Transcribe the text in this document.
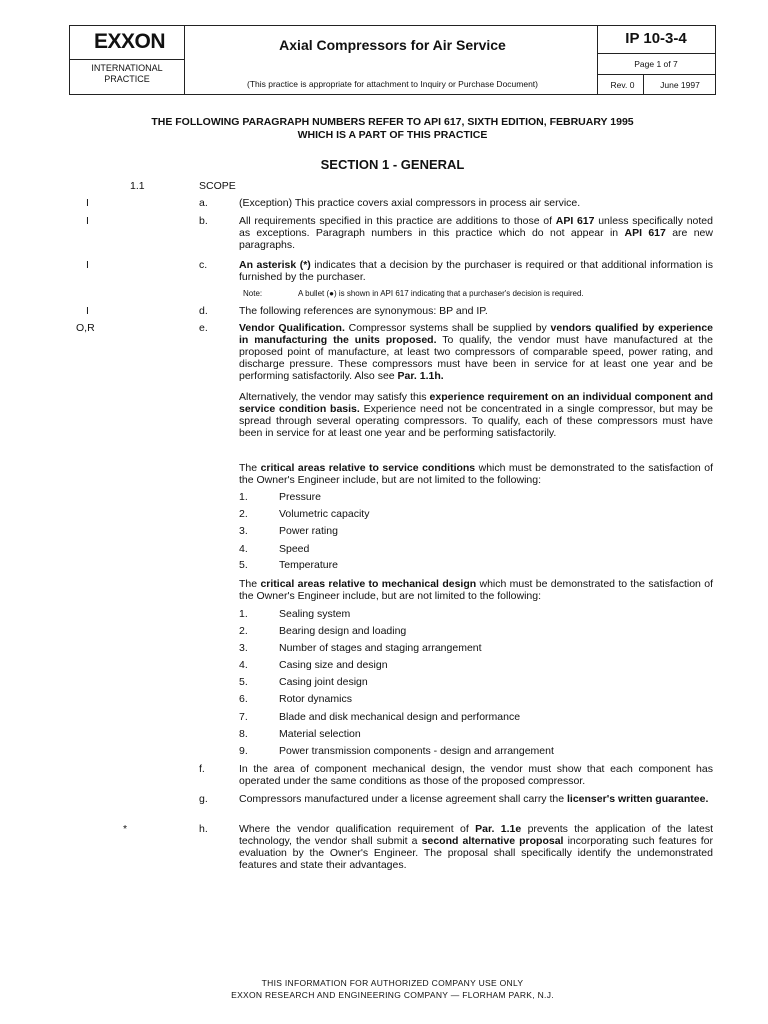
EXXON
INTERNATIONAL
PRACTICE
Axial Compressors for Air Service
(This practice is appropriate for attachment to Inquiry or Purchase Document)
IP 10-3-4
Page 1 of 7
Rev. 0	June 1997
THE FOLLOWING PARAGRAPH NUMBERS REFER TO API 617, SIXTH EDITION, FEBRUARY 1995
WHICH IS A PART OF THIS PRACTICE
SECTION 1 - GENERAL
1.1	SCOPE
I	a.	(Exception) This practice covers axial compressors in process air service.
I	b.	All requirements specified in this practice are additions to those of API 617 unless specifically noted as exceptions. Paragraph numbers in this practice which do not appear in API 617 are new paragraphs.
I	c.	An asterisk (*) indicates that a decision by the purchaser is required or that additional information is furnished by the purchaser.
Note:	A bullet (●) is shown in API 617 indicating that a purchaser's decision is required.
I	d.	The following references are synonymous: BP and IP.
O,R	e.	Vendor Qualification. Compressor systems shall be supplied by vendors qualified by experience in manufacturing the units proposed. To qualify, the vendor must have manufactured at the proposed point of manufacture, at least two compressors of comparable speed, power rating, and discharge pressure. These compressors must have been in service for at least one year and be performing satisfactorily. Also see Par. 1.1h.
Alternatively, the vendor may satisfy this experience requirement on an individual component and service condition basis. Experience need not be concentrated in a single compressor, but may be spread through several operating compressors. To qualify, each of these compressors must have been in service for at least one year and be performing satisfactorily.
The critical areas relative to service conditions which must be demonstrated to the satisfaction of the Owner's Engineer include, but are not limited to the following:
1.	Pressure
2.	Volumetric capacity
3.	Power rating
4.	Speed
5.	Temperature
The critical areas relative to mechanical design which must be demonstrated to the satisfaction of the Owner's Engineer include, but are not limited to the following:
1.	Sealing system
2.	Bearing design and loading
3.	Number of stages and staging arrangement
4.	Casing size and design
5.	Casing joint design
6.	Rotor dynamics
7.	Blade and disk mechanical design and performance
8.	Material selection
9.	Power transmission components - design and arrangement
f.	In the area of component mechanical design, the vendor must show that each component has operated under the same conditions as those of the proposed compressor.
g.	Compressors manufactured under a license agreement shall carry the licenser's written guarantee.
*	h.	Where the vendor qualification requirement of Par. 1.1e prevents the application of the latest technology, the vendor shall submit a second alternative proposal incorporating such features for evaluation by the Owner's Engineer. The proposal shall specifically identify the undemonstrated features and state their advantages.
THIS INFORMATION FOR AUTHORIZED COMPANY USE ONLY
EXXON RESEARCH AND ENGINEERING COMPANY — FLORHAM PARK, N.J.
